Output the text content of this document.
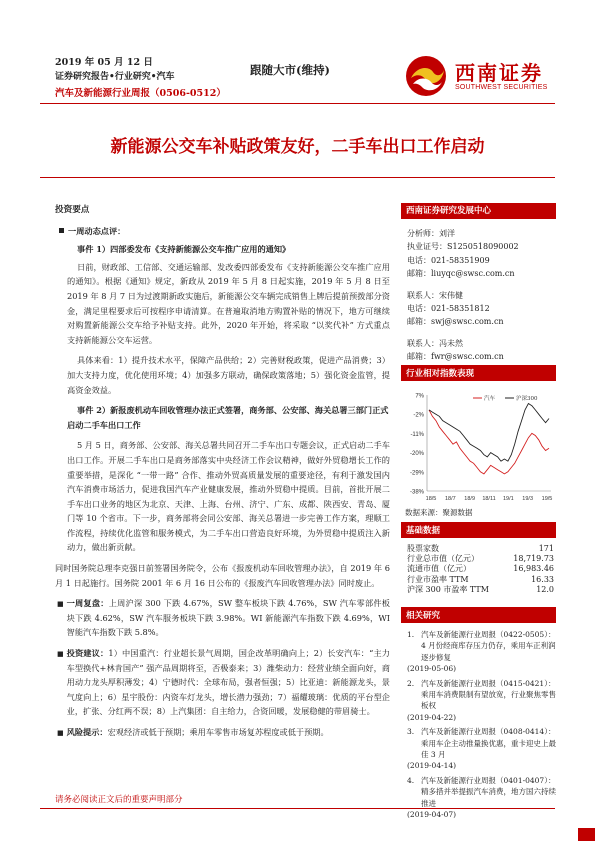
2019 年 05 月 12 日
证券研究报告•行业研究•汽车
汽车及新能源行业周报（0506-0512）
跟随大市(维持)	西南证券
SOUTHWEST SECURITIES
新能源公交车补贴政策友好，二手车出口工作启动
投资要点
一周动态点评：
事件 1）四部委发布《支持新能源公交车推广应用的通知》
日前，财政部、工信部、交通运输部、发改委四部委发布《支持新能源公交车推广应用的通知》。根据《通知》规定，新政从 2019 年 5 月 8 日起实施，2019 年 5 月 8 日至 2019 年 8 月 7 日为过渡期新政实施后，新能源公交车辆完成销售上牌后提前预拨部分资金，满足里程要求后可按程序申请清算。在普遍取消地方购置补贴的情况下，地方可继续对购置新能源公交车给予补贴支持。此外，2020 年开始，将采取 “以奖代补” 方式重点支持新能源公交车运营。
具体来看：1）提升技术水平，保障产品供给；2）完善财税政策，促进产品消费；3）加大支持力度，优化使用环境；4）加强多方联动，确保政策落地；5）强化资金监管，提高资金效益。
事件 2）新报废机动车回收管理办法正式签署，商务部、公安部、海关总署三部门正式启动二手车出口工作
5 月 5 日，商务部、公安部、海关总署共同召开二手车出口专题会议，正式启动二手车出口工作。开展二手车出口是商务部落实中央经济工作会议精神，做好外贸稳增长工作的重要举措，是深化 “一带一路” 合作、推动外贸高质量发展的重要途径，有利于激发国内汽车消费市场活力，促进我国汽车产业健康发展，推动外贸稳中提质。目前，首批开展二手车出口业务的地区为北京、天津、上海、台州、济宁、广东、成都、陕西安、青岛、厦门等 10 个省市。下一步，商务部将会同公安部、海关总署进一步完善工作方案，理顺工作流程，持续优化监管和服务模式，为二手车出口营造良好环境，为外贸稳中提质注入新动力，做出新贡献。
同时国务院总理李克强日前签署国务院令，公布《报废机动车回收管理办法》，自 2019 年 6 月 1 日起施行。国务院 2001 年 6 月 16 日公布的《报废汽车回收管理办法》同时废止。
■ 一周复盘：上周沪深 300 下跌 4.67%，SW 整车板块下跌 4.76%，SW 汽车零部件板块下跌 4.62%，SW 汽车服务板块下跌 3.98%。WI 新能源汽车指数下跌 4.69%，WI 智能汽车指数下跌 5.8%。
■ 投资建议：1）中国重汽：行业超长景气周期，国企改革明确向上；2）长安汽车：“主力车型换代+林肯国产” 强产品周期将至，否极泰来；3）潍柴动力：经营业绩全面向好，商用动力龙头厚积薄发；4）宁德时代：全球布局，强者恒强；5）比亚迪：新能源龙头，景气度向上；6）星宇股份：内资车灯龙头，增长潜力强劲；7）福耀玻璃：优质的平台型企业，扩张、分红两不误；8）上汽集团：自主给力，合资回暖，发展稳健的带眉骑士。
■ 风险提示：宏观经济或低于预期；乘用车零售市场复苏程度或低于预期。
西南证券研究发展中心
分析师：刘洋
执业证号：S1250518090002
电话：021-58351909
邮箱：liuyqc@swsc.com.cn
联系人：宋伟健
电话：021-58351812
邮箱：swj@swsc.com.cn
联系人：冯未然
邮箱：fwr@swsc.com.cn
行业相对指数表现
7%
-2%
-11%
-20%
-29%
-38%
18/5 18/7 18/9 18/11 19/1 19/3 19/5
汽车	沪深300
数据来源：聚源数据
基础数据
股票家数	171
行业总市值（亿元）	18,719.73
流通市值（亿元）	16,983.46
行业市盈率 TTM	16.33
沪深 300 市盈率 TTM	12.0
相关研究
1. 汽车及新能源行业周报（0422-0505）：4 月份经商库存压力仍存，乘用车正利润逐步修复
(2019-05-06)
2. 汽车及新能源行业周报（0415-0421）：乘用车消费限制有望放宽，行业聚焦零售板权
(2019-04-22)
3. 汽车及新能源行业周报（0408-0414）：乘用车企主动推量换优惠，重卡迎史上最佳 3 月
(2019-04-14)
4. 汽车及新能源行业周报（0401-0407）：精多措并举提振汽车消费，地方国六持续推进
(2019-04-07)
请务必阅读正文后的重要声明部分
